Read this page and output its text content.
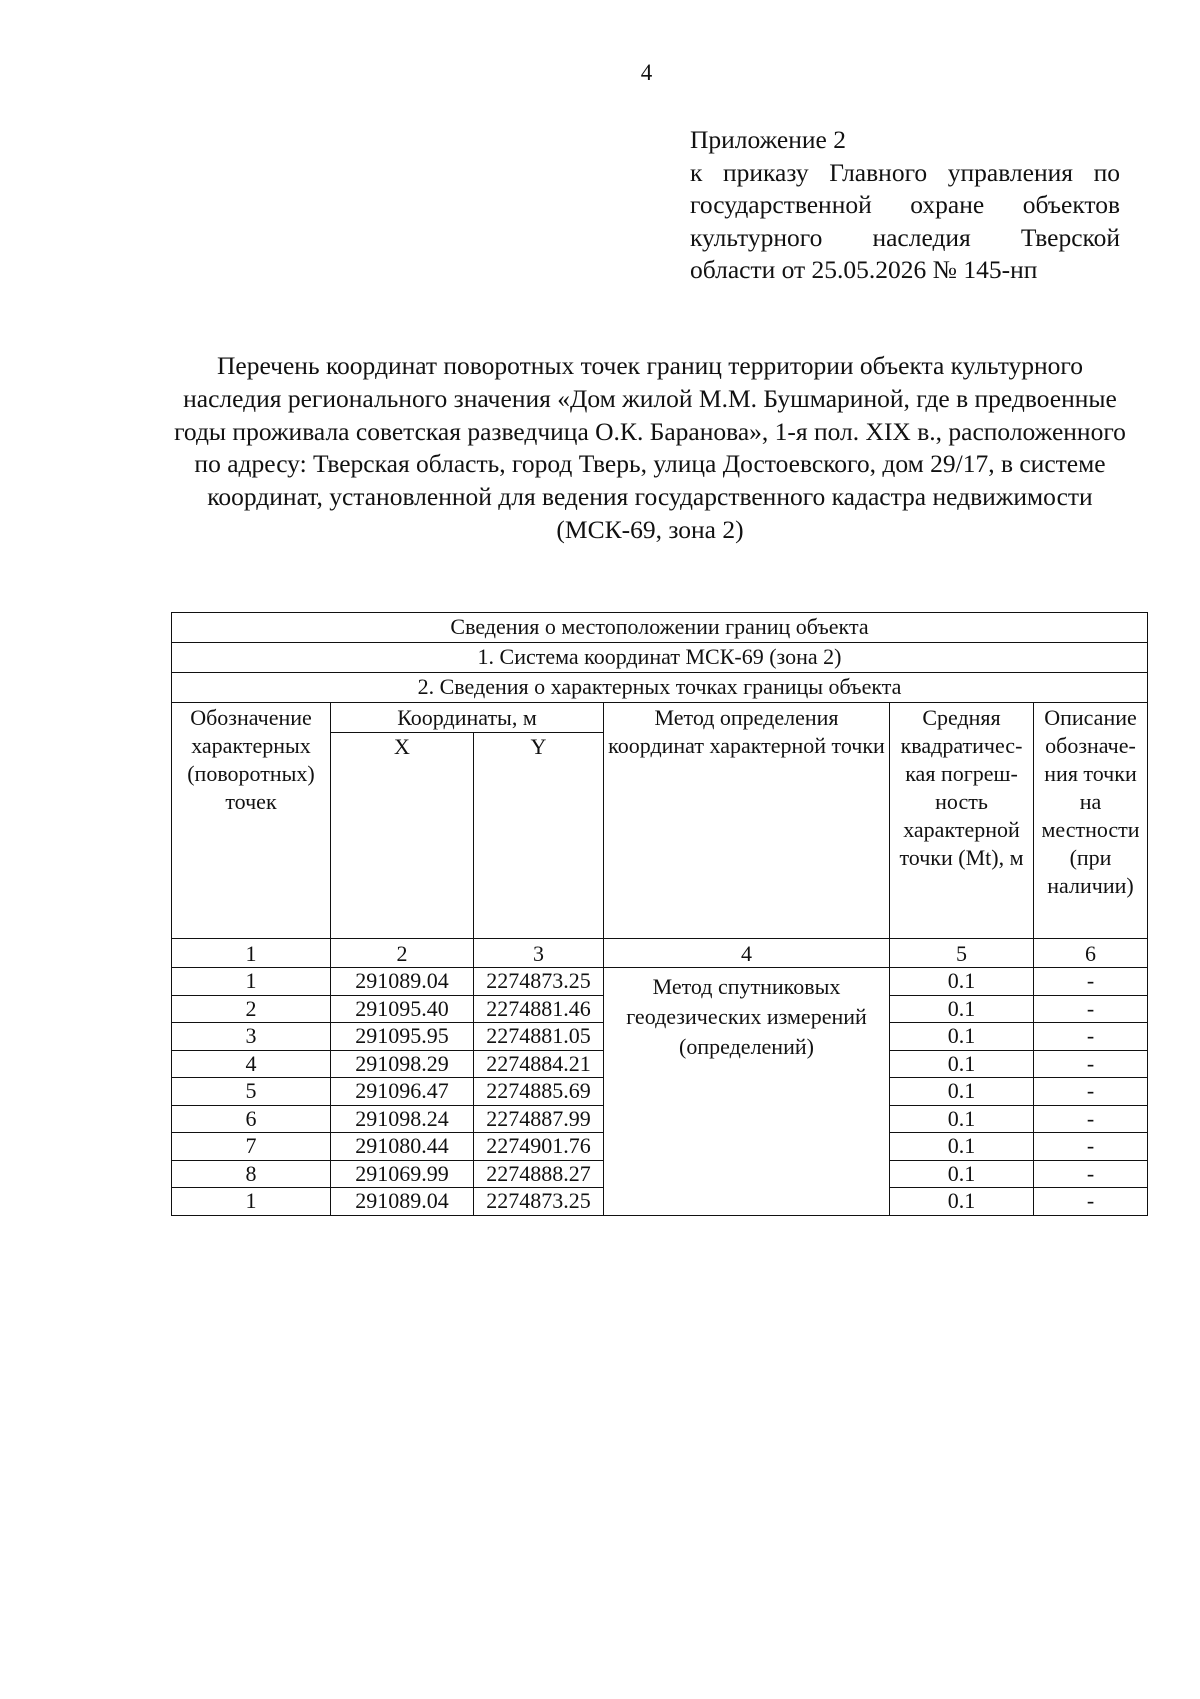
4
Приложение 2
к приказу Главного управления по государственной охране объектов культурного наследия Тверской области от 25.05.2026 № 145-нп
Перечень координат поворотных точек границ территории объекта культурного наследия регионального значения «Дом жилой М.М. Бушмариной, где в предвоенные годы проживала советская разведчица О.К. Баранова», 1-я пол. XIX в., расположенного по адресу: Тверская область, город Тверь, улица Достоевского, дом 29/17, в системе координат, установленной для ведения государственного кадастра недвижимости (МСК-69, зона 2)
Сведения о местоположении границ объекта					
1. Система координат МСК-69 (зона 2)					
2. Сведения о характерных точках границы объекта					
Обозначение характерных (поворотных) точек	Координаты, м		Метод определения координат характерной точки	Средняя квадратичес-кая погреш-ность характерной точки (Mt), м	Описание обозначе-ния точки на местности (при наличии)
	X	Y			
1	2	3	4	5	6
1	291089.04	2274873.25	Метод спутниковых геодезических измерений (определений)	0.1	-
2	291095.40	2274881.46		0.1	-
3	291095.95	2274881.05		0.1	-
4	291098.29	2274884.21		0.1	-
5	291096.47	2274885.69		0.1	-
6	291098.24	2274887.99		0.1	-
7	291080.44	2274901.76		0.1	-
8	291069.99	2274888.27		0.1	-
1	291089.04	2274873.25		0.1	-
